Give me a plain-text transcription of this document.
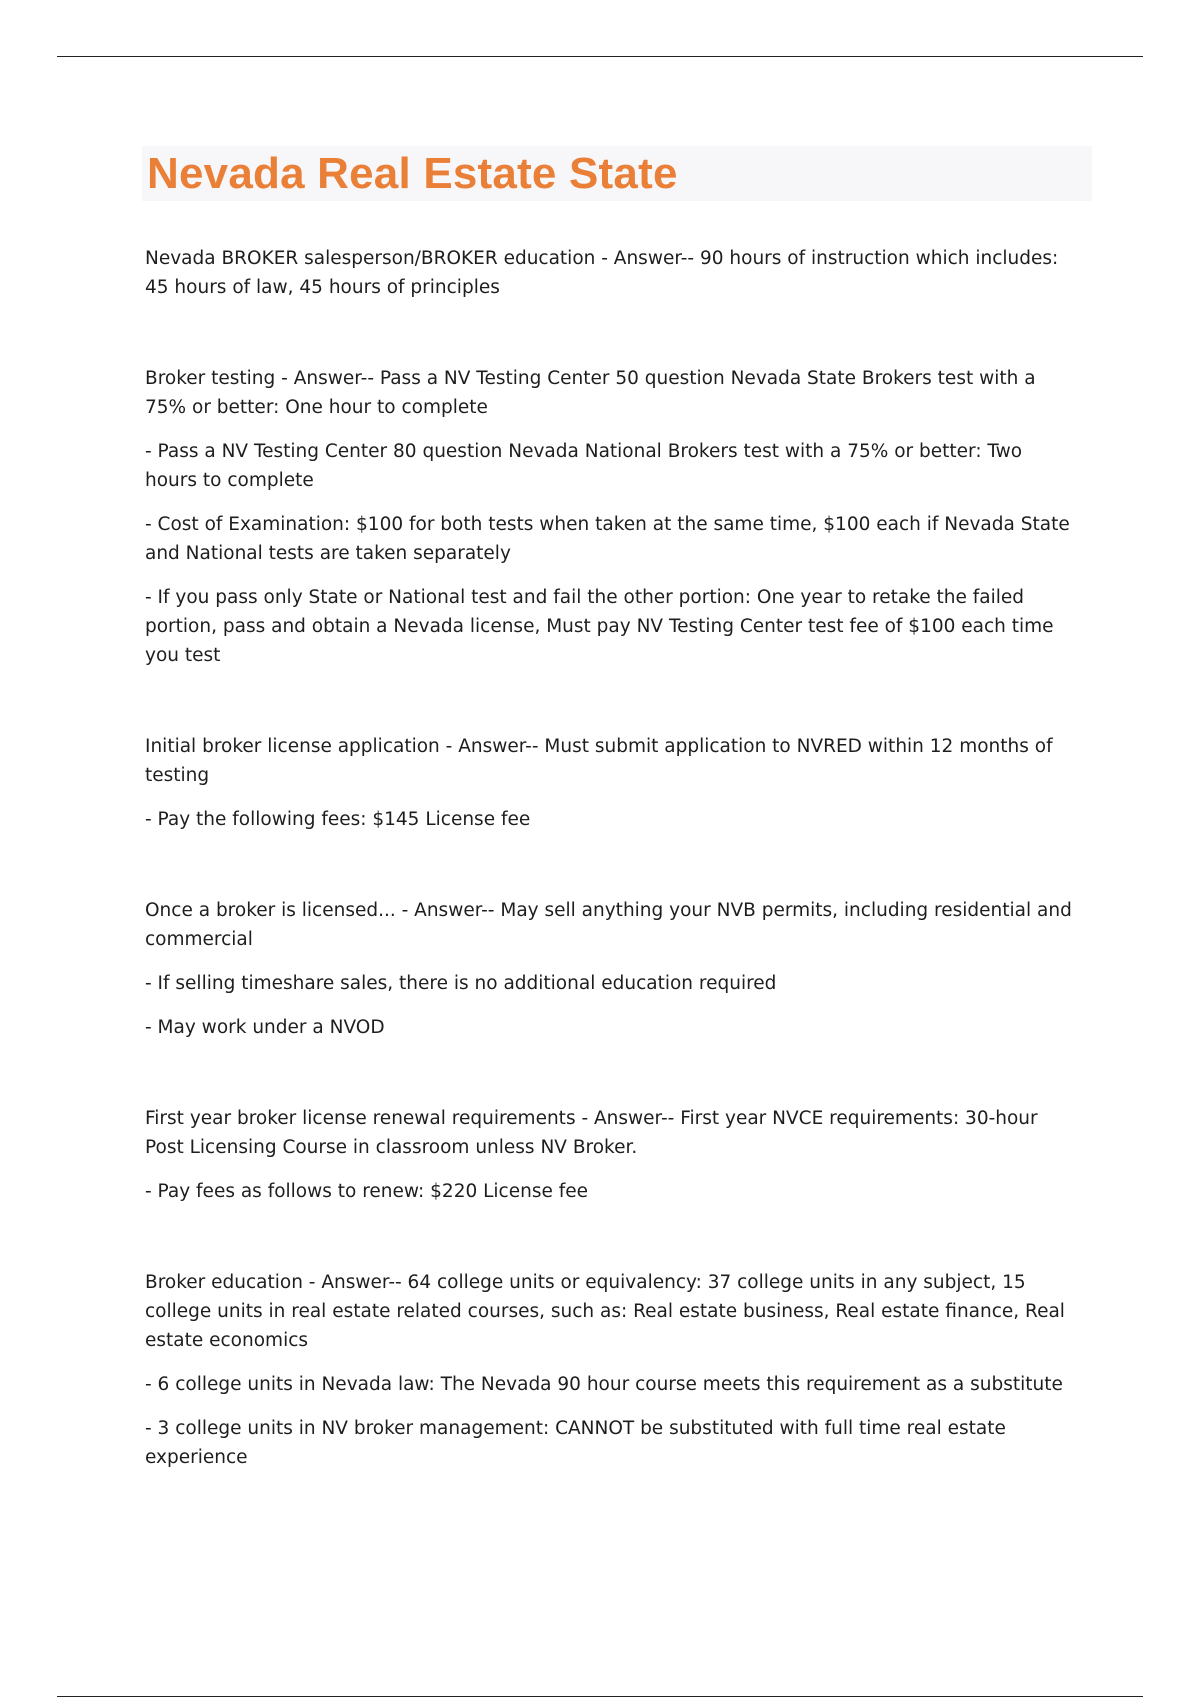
Nevada Real Estate State

Nevada BROKER salesperson/BROKER education - Answer-- 90 hours of instruction which includes: 45 hours of law, 45 hours of principles

Broker testing - Answer-- Pass a NV Testing Center 50 question Nevada State Brokers test with a 75% or better: One hour to complete

- Pass a NV Testing Center 80 question Nevada National Brokers test with a 75% or better: Two hours to complete

- Cost of Examination: $100 for both tests when taken at the same time, $100 each if Nevada State and National tests are taken separately

- If you pass only State or National test and fail the other portion: One year to retake the failed portion, pass and obtain a Nevada license, Must pay NV Testing Center test fee of $100 each time you test

Initial broker license application - Answer-- Must submit application to NVRED within 12 months of testing

- Pay the following fees: $145 License fee

Once a broker is licensed... - Answer-- May sell anything your NVB permits, including residential and commercial

- If selling timeshare sales, there is no additional education required

- May work under a NVOD

First year broker license renewal requirements - Answer-- First year NVCE requirements: 30-hour Post Licensing Course in classroom unless NV Broker.

- Pay fees as follows to renew: $220 License fee

Broker education - Answer-- 64 college units or equivalency: 37 college units in any subject, 15 college units in real estate related courses, such as: Real estate business, Real estate finance, Real estate economics

- 6 college units in Nevada law: The Nevada 90 hour course meets this requirement as a substitute

- 3 college units in NV broker management: CANNOT be substituted with full time real estate experience
